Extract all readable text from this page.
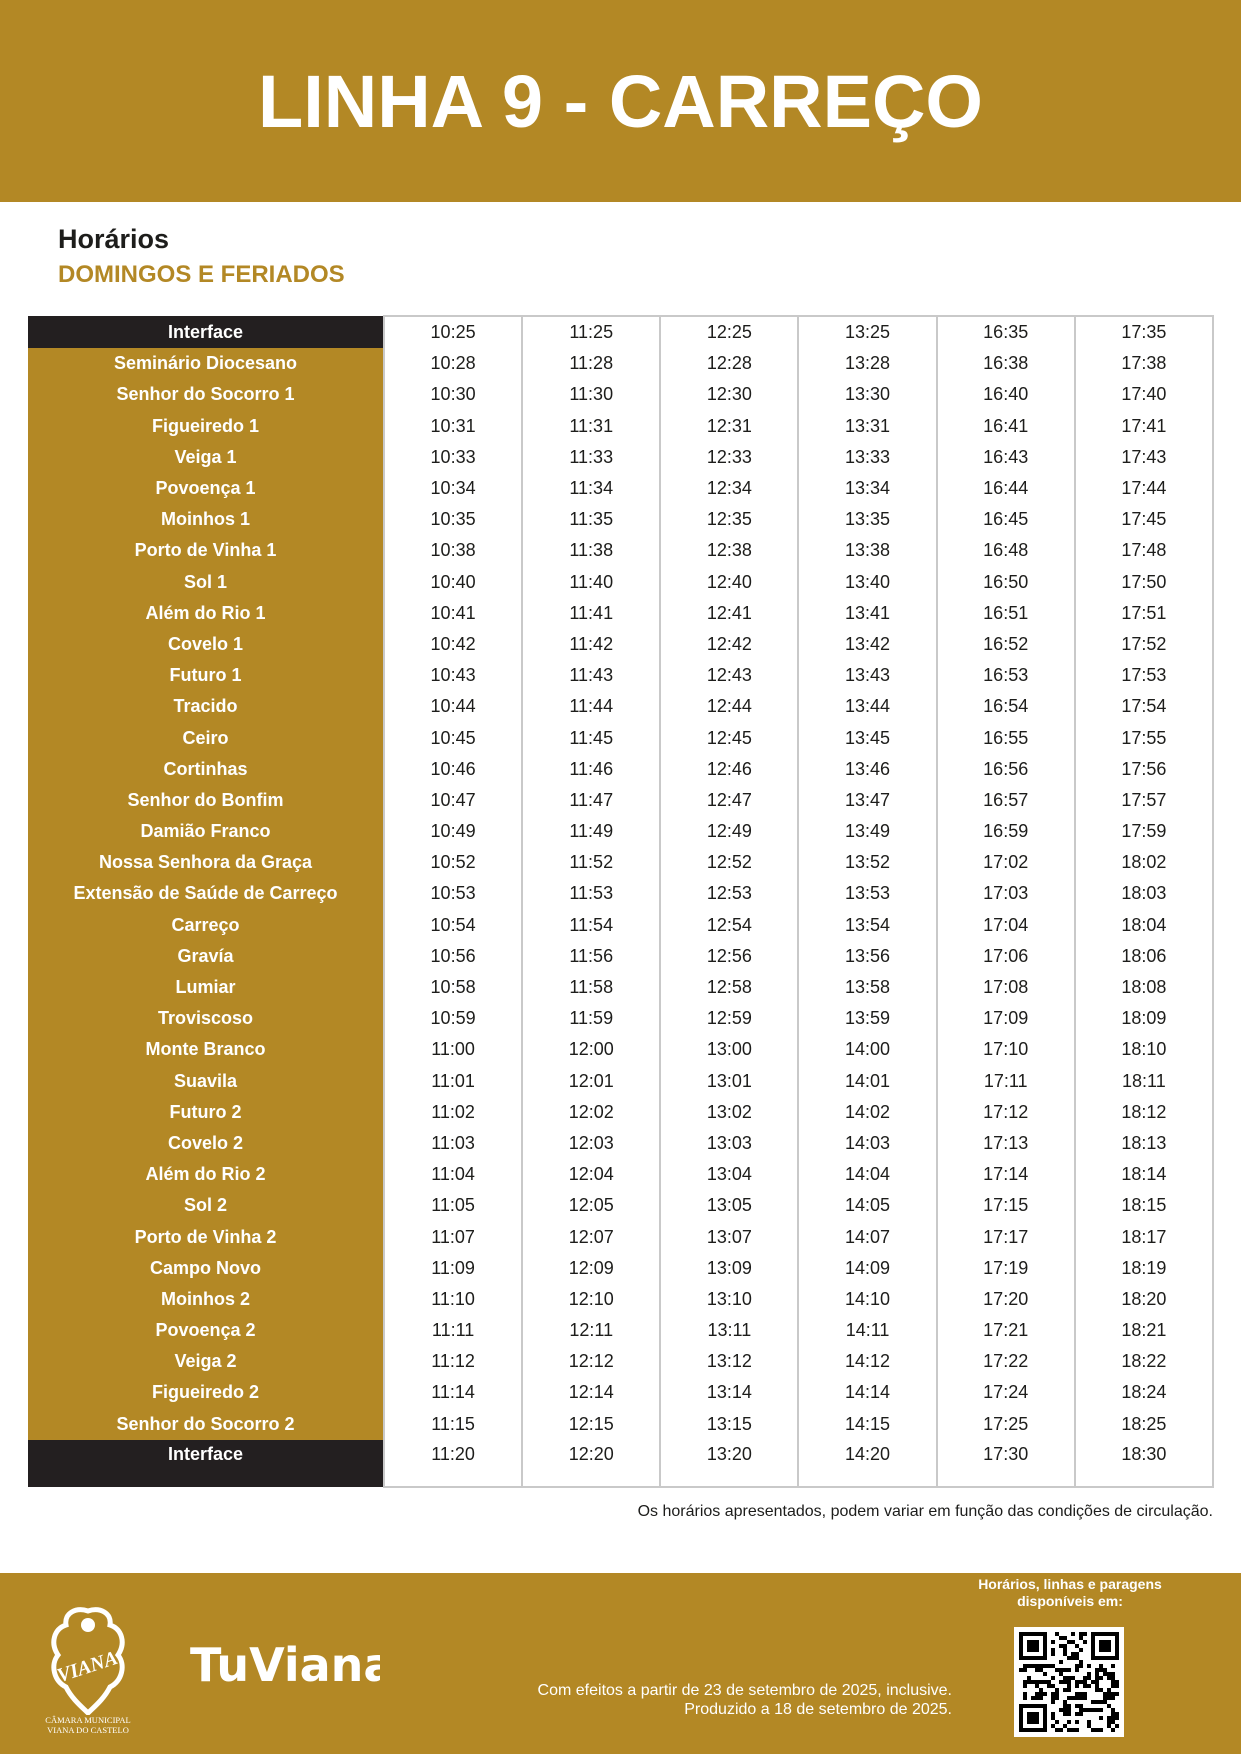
LINHA 9 - CARREÇO
Horários
DOMINGOS E FERIADOS
Interface	10:25	11:25	12:25	13:25	16:35	17:35
Seminário Diocesano	10:28	11:28	12:28	13:28	16:38	17:38
Senhor do Socorro 1	10:30	11:30	12:30	13:30	16:40	17:40
Figueiredo 1	10:31	11:31	12:31	13:31	16:41	17:41
Veiga 1	10:33	11:33	12:33	13:33	16:43	17:43
Povoença 1	10:34	11:34	12:34	13:34	16:44	17:44
Moinhos 1	10:35	11:35	12:35	13:35	16:45	17:45
Porto de Vinha 1	10:38	11:38	12:38	13:38	16:48	17:48
Sol 1	10:40	11:40	12:40	13:40	16:50	17:50
Além do Rio 1	10:41	11:41	12:41	13:41	16:51	17:51
Covelo 1	10:42	11:42	12:42	13:42	16:52	17:52
Futuro 1	10:43	11:43	12:43	13:43	16:53	17:53
Tracido	10:44	11:44	12:44	13:44	16:54	17:54
Ceiro	10:45	11:45	12:45	13:45	16:55	17:55
Cortinhas	10:46	11:46	12:46	13:46	16:56	17:56
Senhor do Bonfim	10:47	11:47	12:47	13:47	16:57	17:57
Damião Franco	10:49	11:49	12:49	13:49	16:59	17:59
Nossa Senhora da Graça	10:52	11:52	12:52	13:52	17:02	18:02
Extensão de Saúde de Carreço	10:53	11:53	12:53	13:53	17:03	18:03
Carreço	10:54	11:54	12:54	13:54	17:04	18:04
Gravía	10:56	11:56	12:56	13:56	17:06	18:06
Lumiar	10:58	11:58	12:58	13:58	17:08	18:08
Troviscoso	10:59	11:59	12:59	13:59	17:09	18:09
Monte Branco	11:00	12:00	13:00	14:00	17:10	18:10
Suavila	11:01	12:01	13:01	14:01	17:11	18:11
Futuro 2	11:02	12:02	13:02	14:02	17:12	18:12
Covelo 2	11:03	12:03	13:03	14:03	17:13	18:13
Além do Rio 2	11:04	12:04	13:04	14:04	17:14	18:14
Sol 2	11:05	12:05	13:05	14:05	17:15	18:15
Porto de Vinha 2	11:07	12:07	13:07	14:07	17:17	18:17
Campo Novo	11:09	12:09	13:09	14:09	17:19	18:19
Moinhos 2	11:10	12:10	13:10	14:10	17:20	18:20
Povoença 2	11:11	12:11	13:11	14:11	17:21	18:21
Veiga 2	11:12	12:12	13:12	14:12	17:22	18:22
Figueiredo 2	11:14	12:14	13:14	14:14	17:24	18:24
Senhor do Socorro 2	11:15	12:15	13:15	14:15	17:25	18:25
Interface	11:20	12:20	13:20	14:20	17:30	18:30
Os horários apresentados, podem variar em função das condições de circulação.
VIANA
CÂMARA MUNICIPAL
VIANA DO CASTELO
TuViana	Com efeitos a partir de 23 de setembro de 2025, inclusive.
Produzido a 18 de setembro de 2025.
Horários, linhas e paragens disponíveis em:
